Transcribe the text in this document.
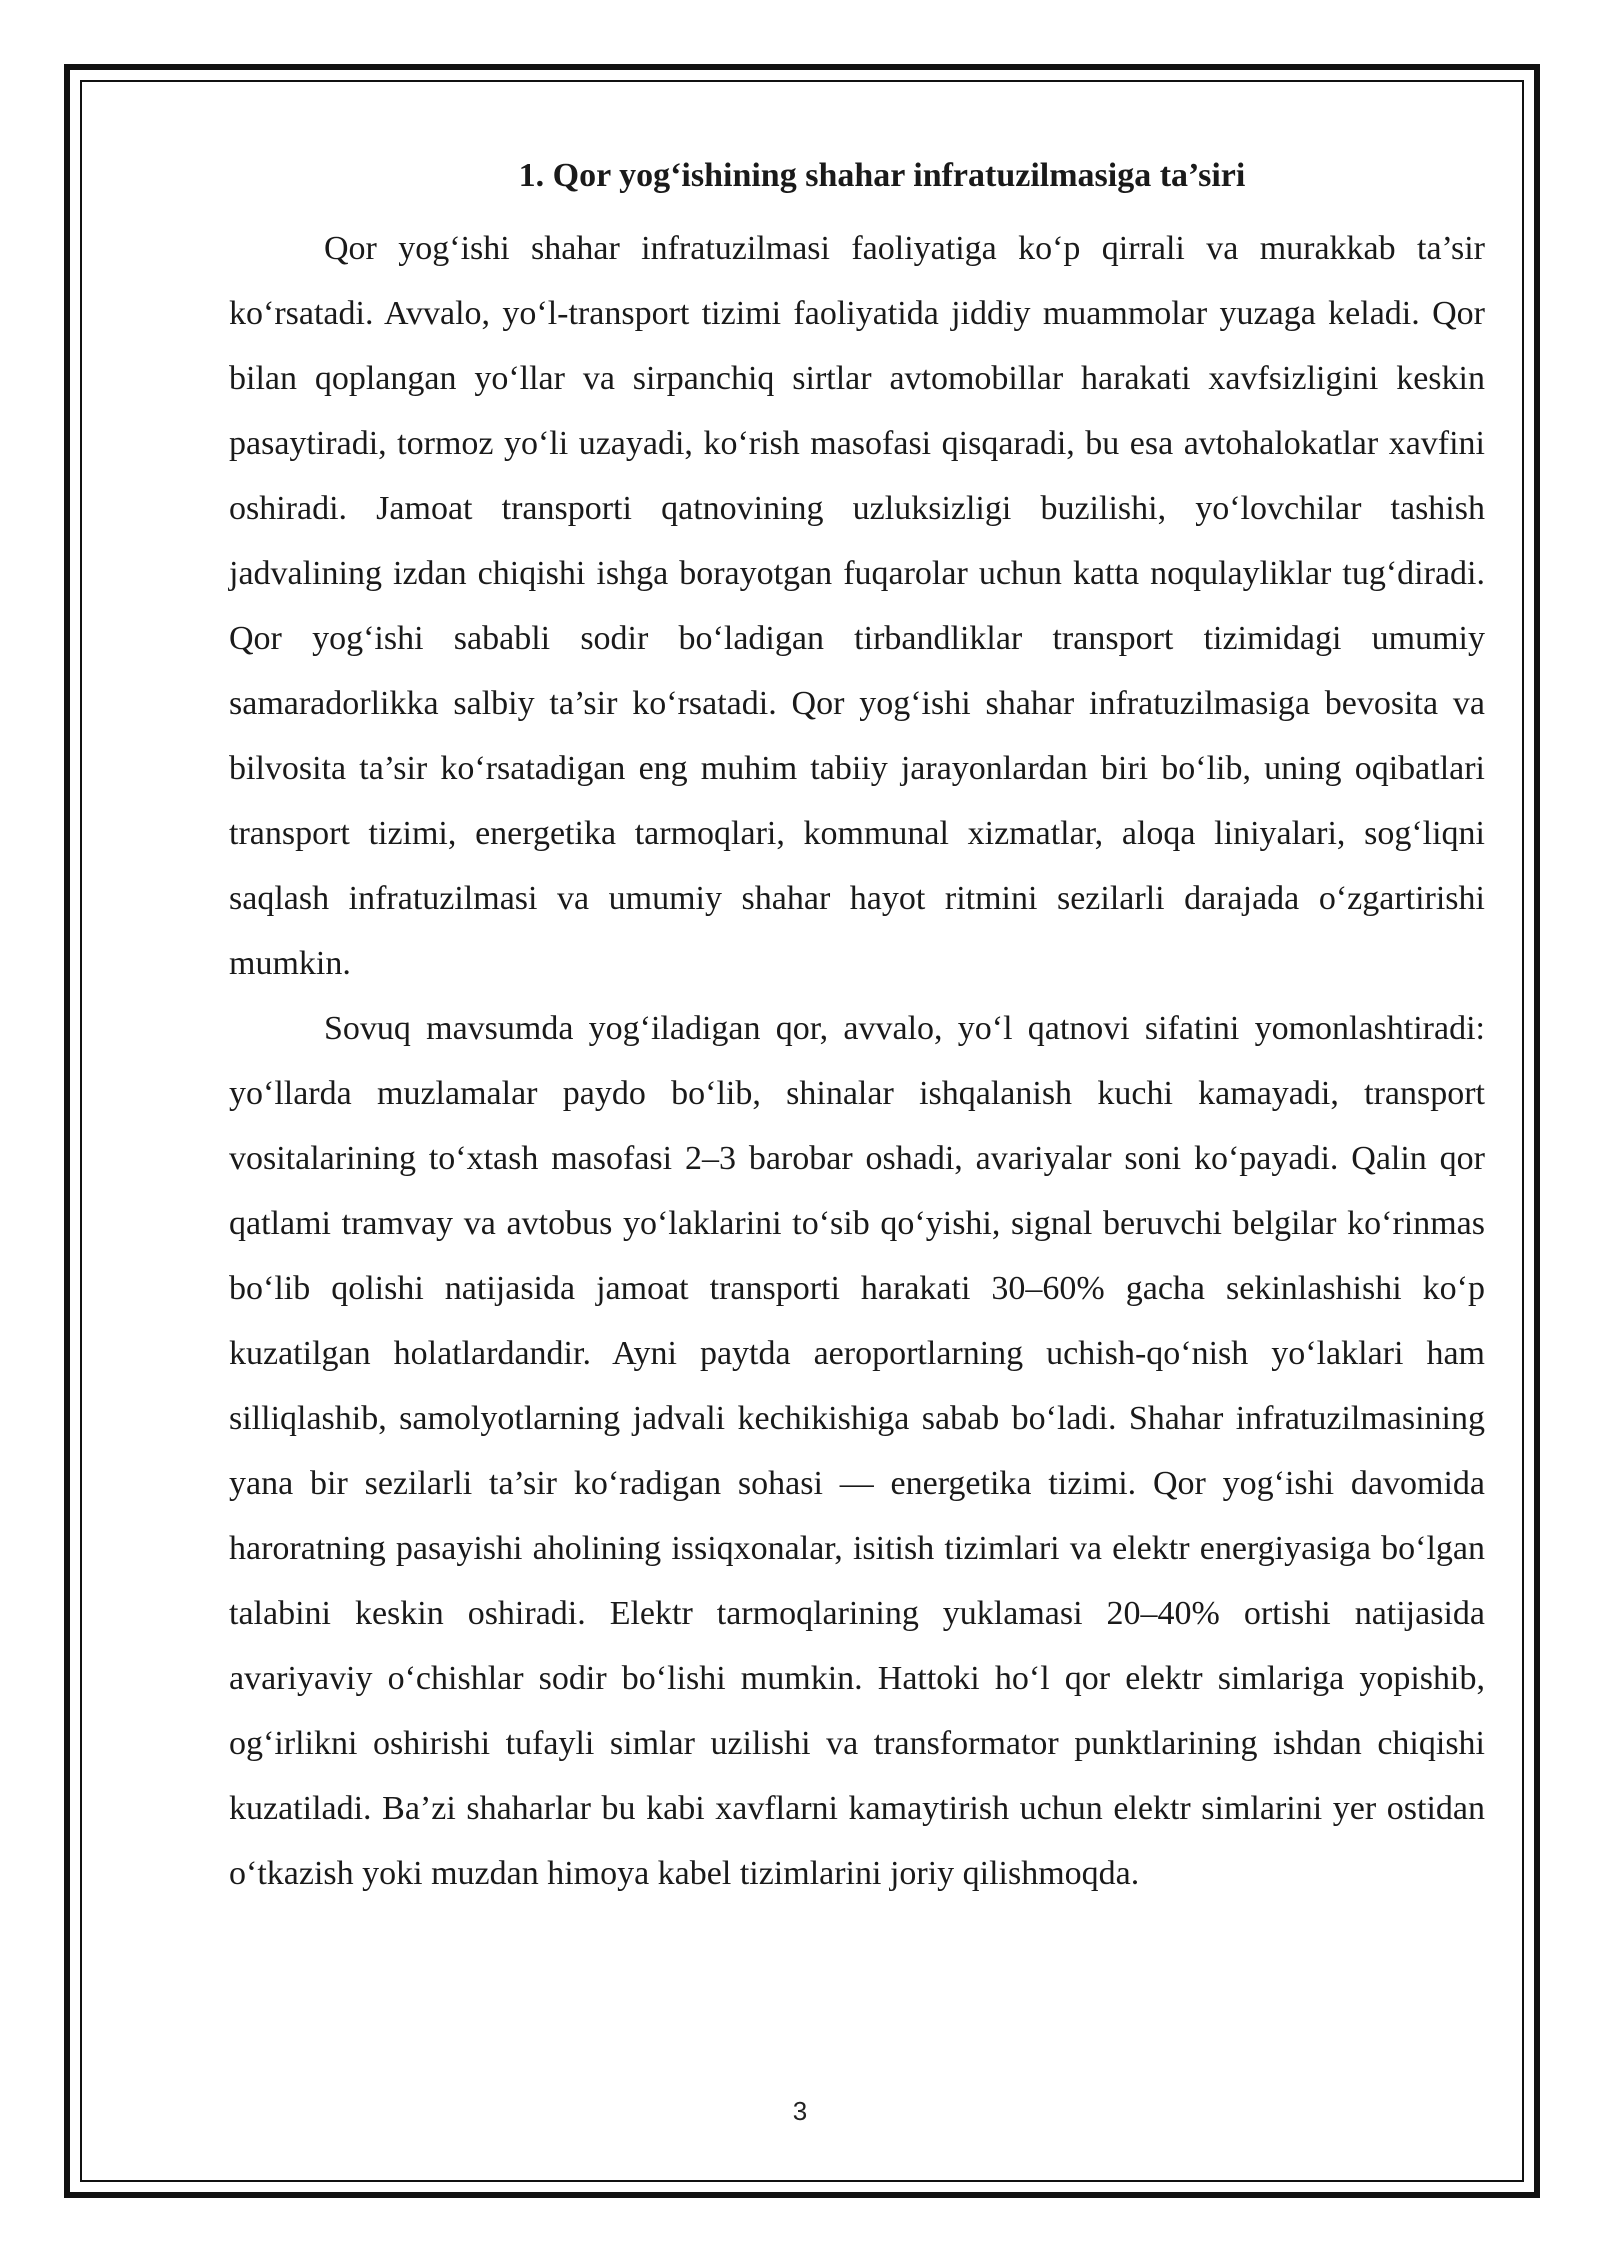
1. Qor yog‘ishining shahar infratuzilmasiga ta’siri

Qor yog‘ishi shahar infratuzilmasi faoliyatiga ko‘p qirrali va murakkab ta’sir ko‘rsatadi. Avvalo, yo‘l-transport tizimi faoliyatida jiddiy muammolar yuzaga keladi. Qor bilan qoplangan yo‘llar va sirpanchiq sirtlar avtomobillar harakati xavfsizligini keskin pasaytiradi, tormoz yo‘li uzayadi, ko‘rish masofasi qisqaradi, bu esa avtohalokatlar xavfini oshiradi. Jamoat transporti qatnovining uzluksizligi buzilishi, yo‘lovchilar tashish jadvalining izdan chiqishi ishga borayotgan fuqarolar uchun katta noqulayliklar tug‘diradi. Qor yog‘ishi sababli sodir bo‘ladigan tirbandliklar transport tizimidagi umumiy samaradorlikka salbiy ta’sir ko‘rsatadi. Qor yog‘ishi shahar infratuzilmasiga bevosita va bilvosita ta’sir ko‘rsatadigan eng muhim tabiiy jarayonlardan biri bo‘lib, uning oqibatlari transport tizimi, energetika tarmoqlari, kommunal xizmatlar, aloqa liniyalari, sog‘liqni saqlash infratuzilmasi va umumiy shahar hayot ritmini sezilarli darajada o‘zgartirishi mumkin.

Sovuq mavsumda yog‘iladigan qor, avvalo, yo‘l qatnovi sifatini yomonlashtiradi: yo‘llarda muzlamalar paydo bo‘lib, shinalar ishqalanish kuchi kamayadi, transport vositalarining to‘xtash masofasi 2–3 barobar oshadi, avariyalar soni ko‘payadi. Qalin qor qatlami tramvay va avtobus yo‘laklarini to‘sib qo‘yishi, signal beruvchi belgilar ko‘rinmas bo‘lib qolishi natijasida jamoat transporti harakati 30–60% gacha sekinlashishi ko‘p kuzatilgan holatlardandir. Ayni paytda aeroportlarning uchish-qo‘nish yo‘laklari ham silliqlashib, samolyotlarning jadvali kechikishiga sabab bo‘ladi. Shahar infratuzilmasining yana bir sezilarli ta’sir ko‘radigan sohasi — energetika tizimi. Qor yog‘ishi davomida haroratning pasayishi aholining issiqxonalar, isitish tizimlari va elektr energiyasiga bo‘lgan talabini keskin oshiradi. Elektr tarmoqlarining yuklamasi 20–40% ortishi natijasida avariyaviy o‘chishlar sodir bo‘lishi mumkin. Hattoki ho‘l qor elektr simlariga yopishib, og‘irlikni oshirishi tufayli simlar uzilishi va transformator punktlarining ishdan chiqishi kuzatiladi. Ba’zi shaharlar bu kabi xavflarni kamaytirish uchun elektr simlarini yer ostidan o‘tkazish yoki muzdan himoya kabel tizimlarini joriy qilishmoqda.

3
